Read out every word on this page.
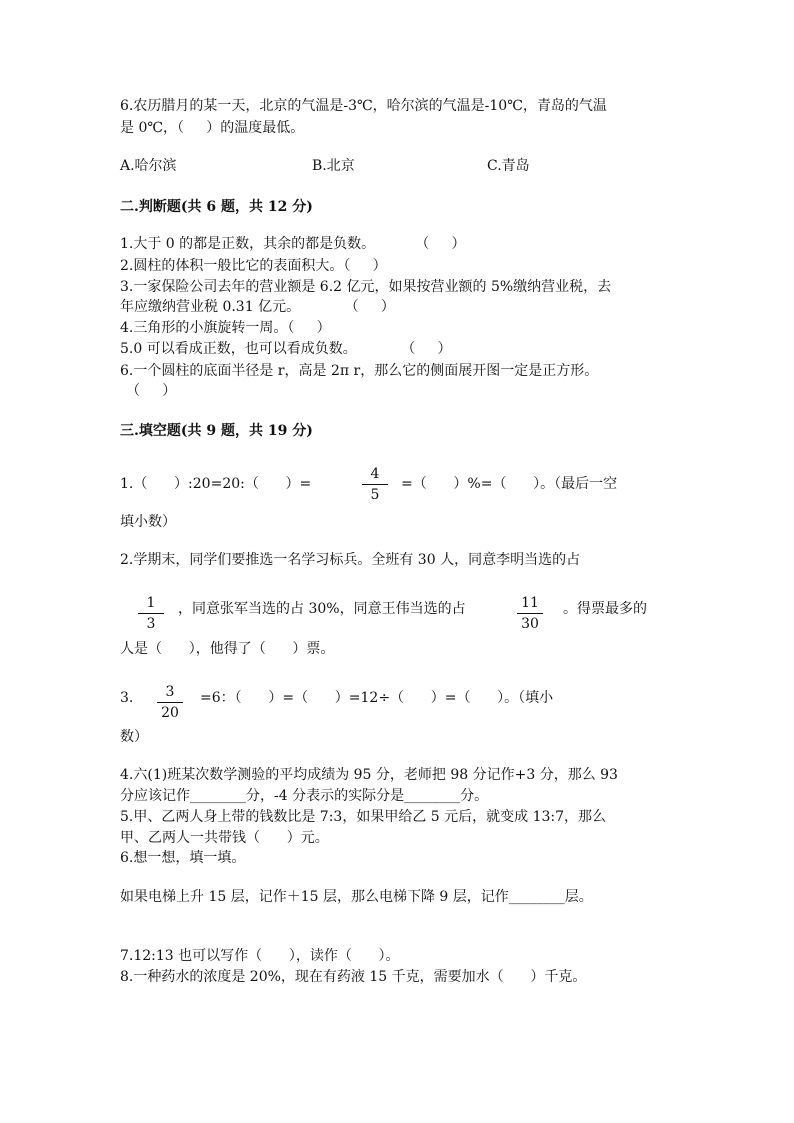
6.农历腊月的某一天，北京的气温是-3℃，哈尔滨的气温是-10℃，青岛的气温
是 0℃，（     ）的温度最低。
A.哈尔滨	B.北京	C.青岛
二.判断题(共 6 题，共 12 分)
1.大于 0 的都是正数，其余的都是负数。         （     ）
2.圆柱的体积一般比它的表面积大。（     ）
3.一家保险公司去年的营业额是 6.2 亿元，如果按营业额的 5%缴纳营业税，去
年应缴纳营业税 0.31 亿元。          （     ）
4.三角形的小旗旋转一周。（     ）
5.0 可以看成正数，也可以看成负数。          （     ）
6.一个圆柱的底面半径是 r，高是 2π r，那么它的侧面展开图一定是正方形。
（     ）
三.填空题(共 9 题，共 19 分)
1.（      ）:20=20:（      ）=
4
5
=（      ）%=（      ）。（最后一空
填小数）
2.学期末，同学们要推选一名学习标兵。全班有 30 人，同意李明当选的占
1
3
，同意张军当选的占 30%，同意王伟当选的占	11
30
。得票最多的
人是（      ），他得了（      ）票。
3.	3
20
=6：（      ）=（      ）=12÷（      ）=（      ）。（填小
数）
4.六(1)班某次数学测验的平均成绩为 95 分，老师把 98 分记作+3 分，那么 93
分应该记作________分，-4 分表示的实际分是________分。
5.甲、乙两人身上带的钱数比是 7:3，如果甲给乙 5 元后，就变成 13:7，那么
甲、乙两人一共带钱（      ）元。
6.想一想，填一填。
如果电梯上升 15 层，记作＋15 层，那么电梯下降 9 层，记作________层。
7.12:13 也可以写作（      ），读作（      ）。
8.一种药水的浓度是 20%，现在有药液 15 千克，需要加水（      ）千克。
